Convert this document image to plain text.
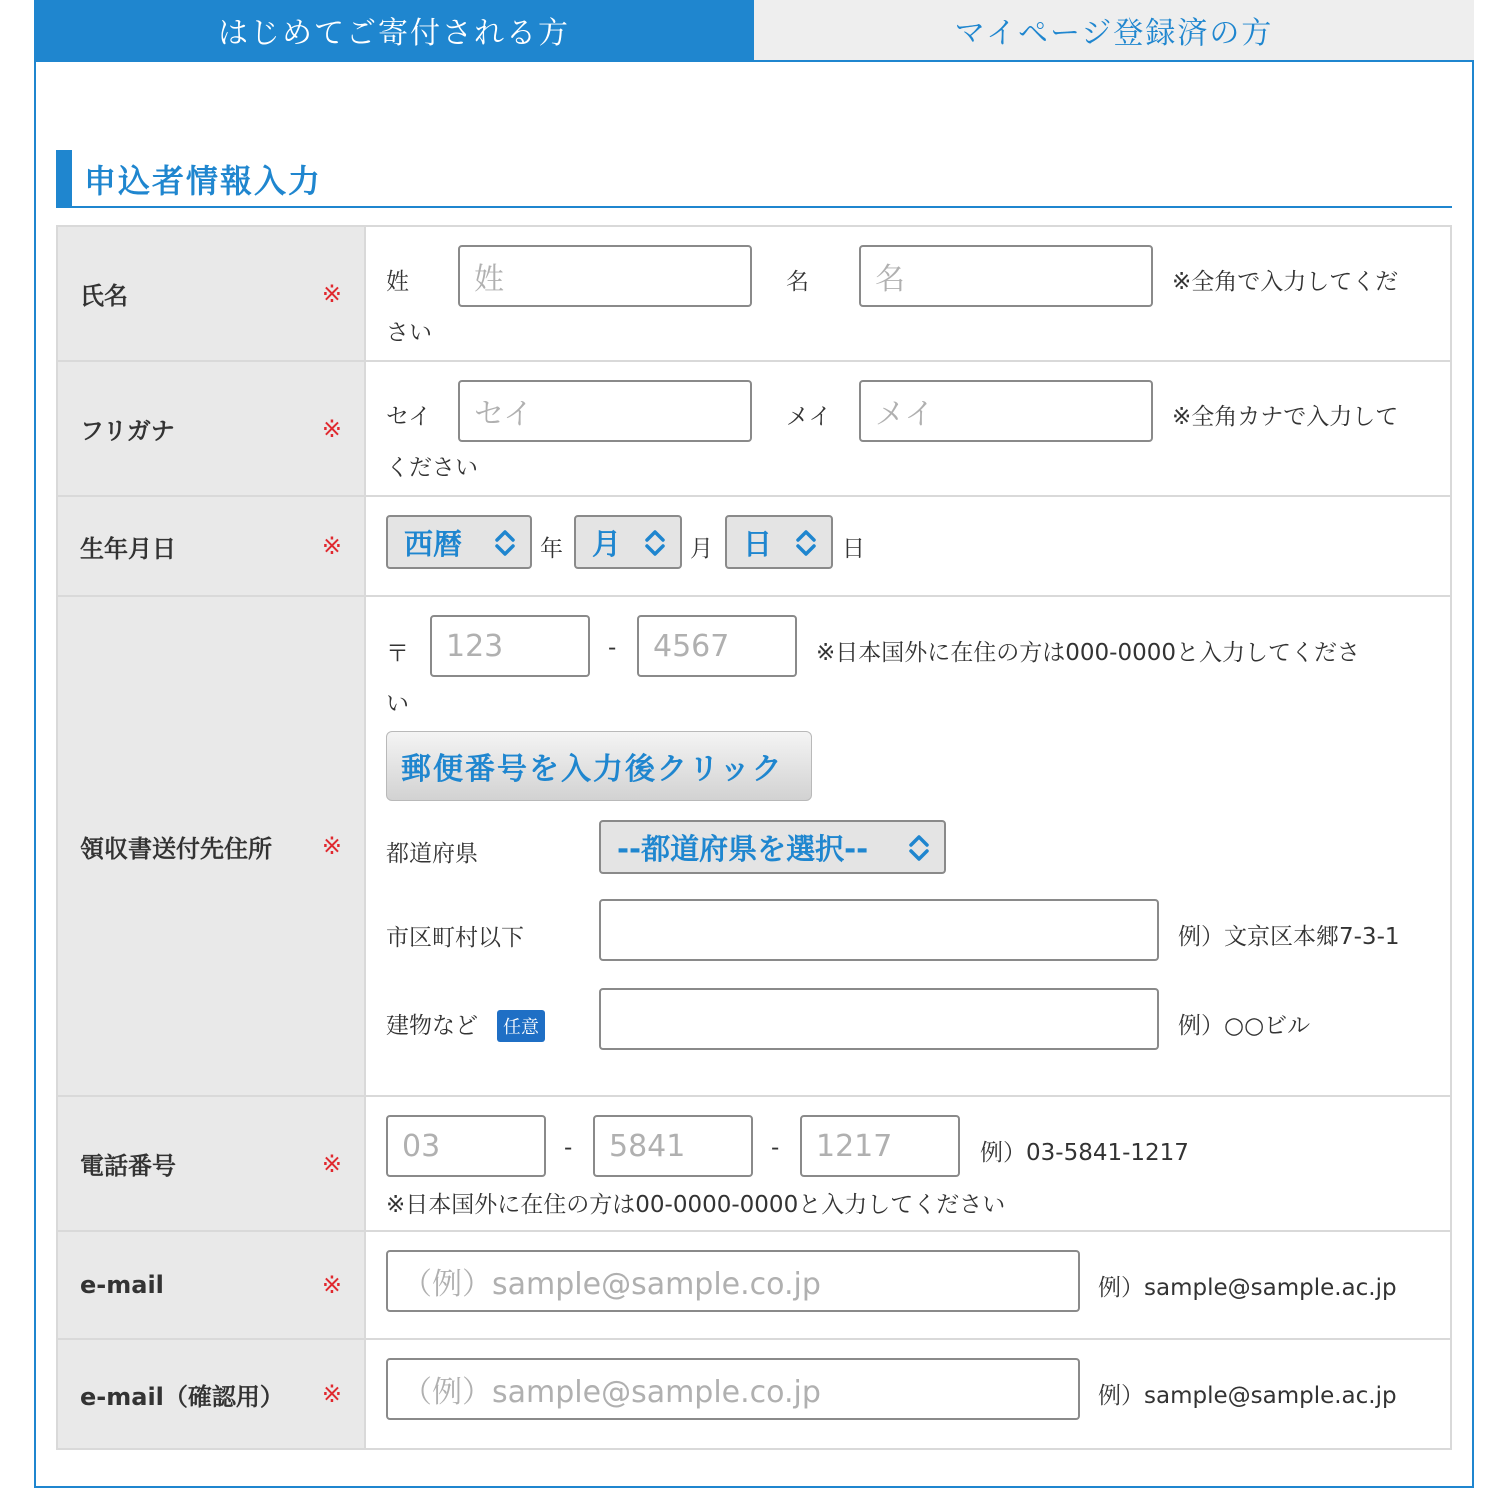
はじめてご寄付される方	マイページ登録済の方
申込者情報入力
氏名	※ 姓	姓	名	名	※全角で入力してくだ
さい
フリガナ	※ セイ	セイ	メイ	メイ	※全角カナで入力して
ください
生年月日	※ 西暦	年 月	月 日	日
領収書送付先住所 ※
〒	123	-	4567	※日本国外に在住の方は000-0000と入力してくださ
い
郵便番号を入力後クリック
都道府県	--都道府県を選択--
市区町村以下	例）文京区本郷7-3-1
建物など	任意	例）○○ビル
電話番号	※	03	-	5841	-	1217	例）03-5841-1217
※日本国外に在住の方は00-0000-0000と入力してください
e-mail	※	（例）sample@sample.co.jp	例）sample@sample.ac.jp
e-mail（確認用） ※	（例）sample@sample.co.jp	例）sample@sample.ac.jp
